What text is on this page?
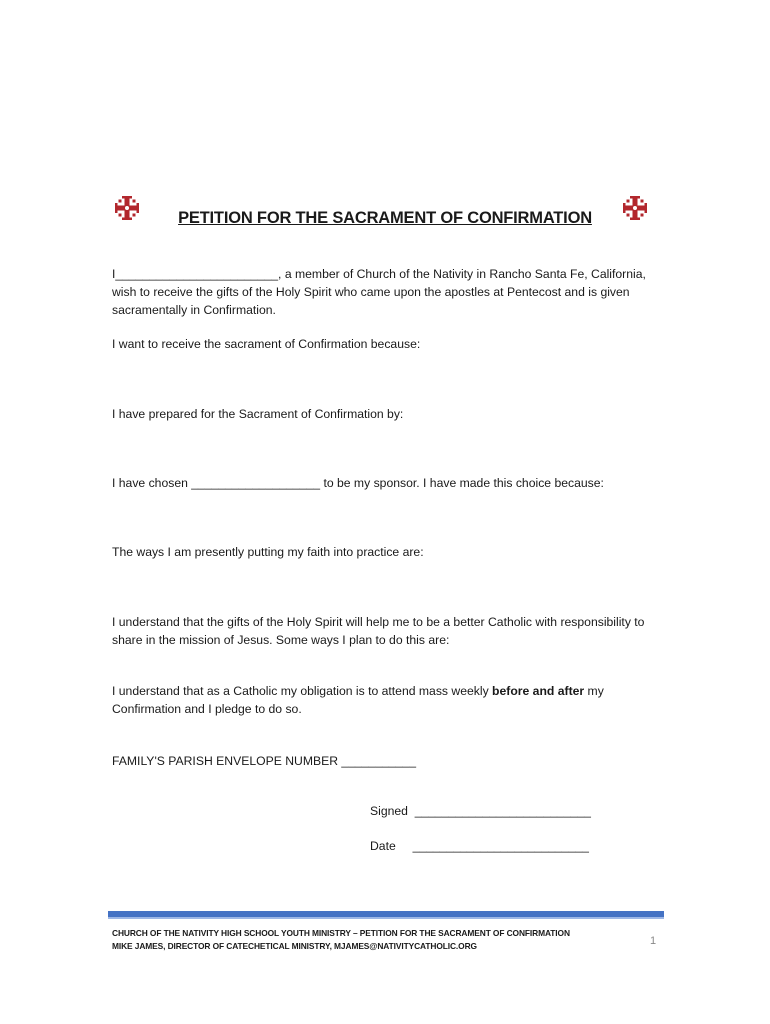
PETITION FOR THE SACRAMENT OF CONFIRMATION

I________________________, a member of Church of the Nativity in Rancho Santa Fe, California, wish to receive the gifts of the Holy Spirit who came upon the apostles at Pentecost and is given sacramentally in Confirmation.

I want to receive the sacrament of Confirmation because:

I have prepared for the Sacrament of Confirmation by:

I have chosen ___________________ to be my sponsor. I have made this choice because:

The ways I am presently putting my faith into practice are:

I understand that the gifts of the Holy Spirit will help me to be a better Catholic with responsibility to share in the mission of Jesus. Some ways I plan to do this are:

I understand that as a Catholic my obligation is to attend mass weekly before and after my Confirmation and I pledge to do so.

FAMILY'S PARISH ENVELOPE NUMBER ___________

Signed  __________________________

Date     __________________________

CHURCH OF THE NATIVITY HIGH SCHOOL YOUTH MINISTRY – PETITION FOR THE SACRAMENT OF CONFIRMATION

MIKE JAMES, DIRECTOR OF CATECHETICAL MINISTRY, MJAMES@NATIVITYCATHOLIC.ORG	1
